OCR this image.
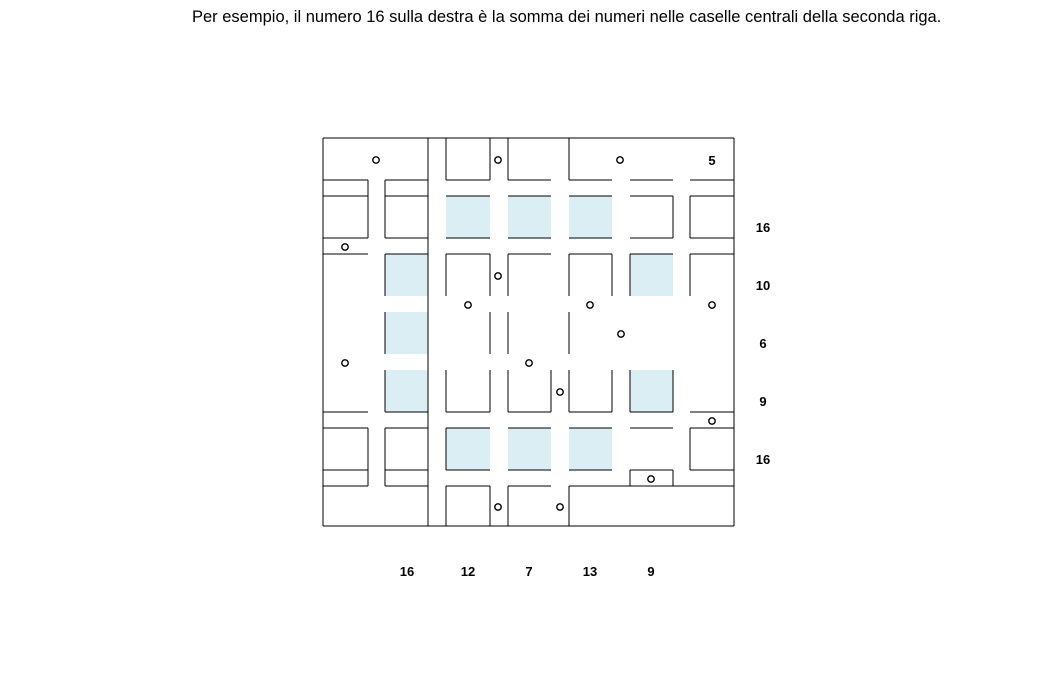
Per esempio, il numero 16 sulla destra è la somma dei numeri nelle caselle centrali della seconda riga.

5
16
10
6
9
16
16	12	7	13	9
